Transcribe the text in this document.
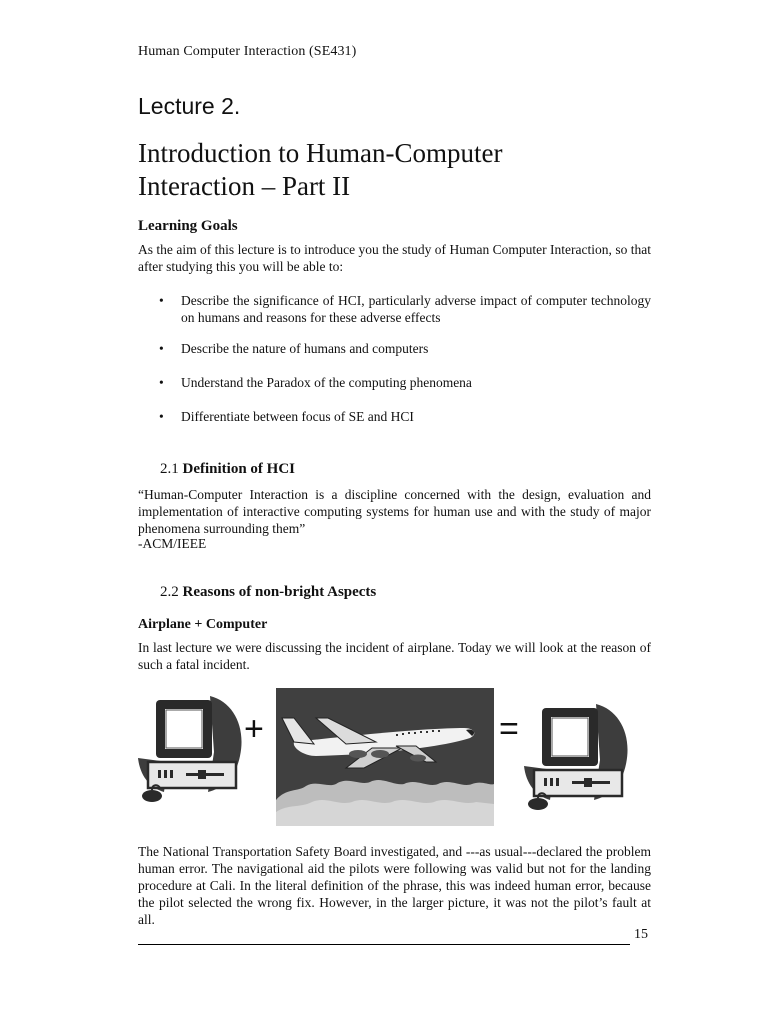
Human Computer Interaction (SE431)
Lecture 2.
Introduction to Human-Computer
Interaction – Part II
Learning Goals
As the aim of this lecture is to introduce you the study of Human Computer Interaction, so that after studying this you will be able to:
• Describe the significance of HCI, particularly adverse impact of computer technology on humans and reasons for these adverse effects
• Describe the nature of humans and computers
• Understand the Paradox of the computing phenomena
• Differentiate between focus of SE and HCI
2.1 Definition of HCI
“Human-Computer Interaction is a discipline concerned with the design, evaluation and implementation of interactive computing systems for human use and with the study of major phenomena surrounding them”
-ACM/IEEE
2.2 Reasons of non-bright Aspects
Airplane + Computer
In last lecture we were discussing the incident of airplane. Today we will look at the reason of such a fatal incident.
+	=
The National Transportation Safety Board investigated, and ---as usual---declared the problem human error. The navigational aid the pilots were following was valid but not for the landing procedure at Cali. In the literal definition of the phrase, this was indeed human error, because the pilot selected the wrong fix. However, in the larger picture, it was not the pilot’s fault at all.
15
